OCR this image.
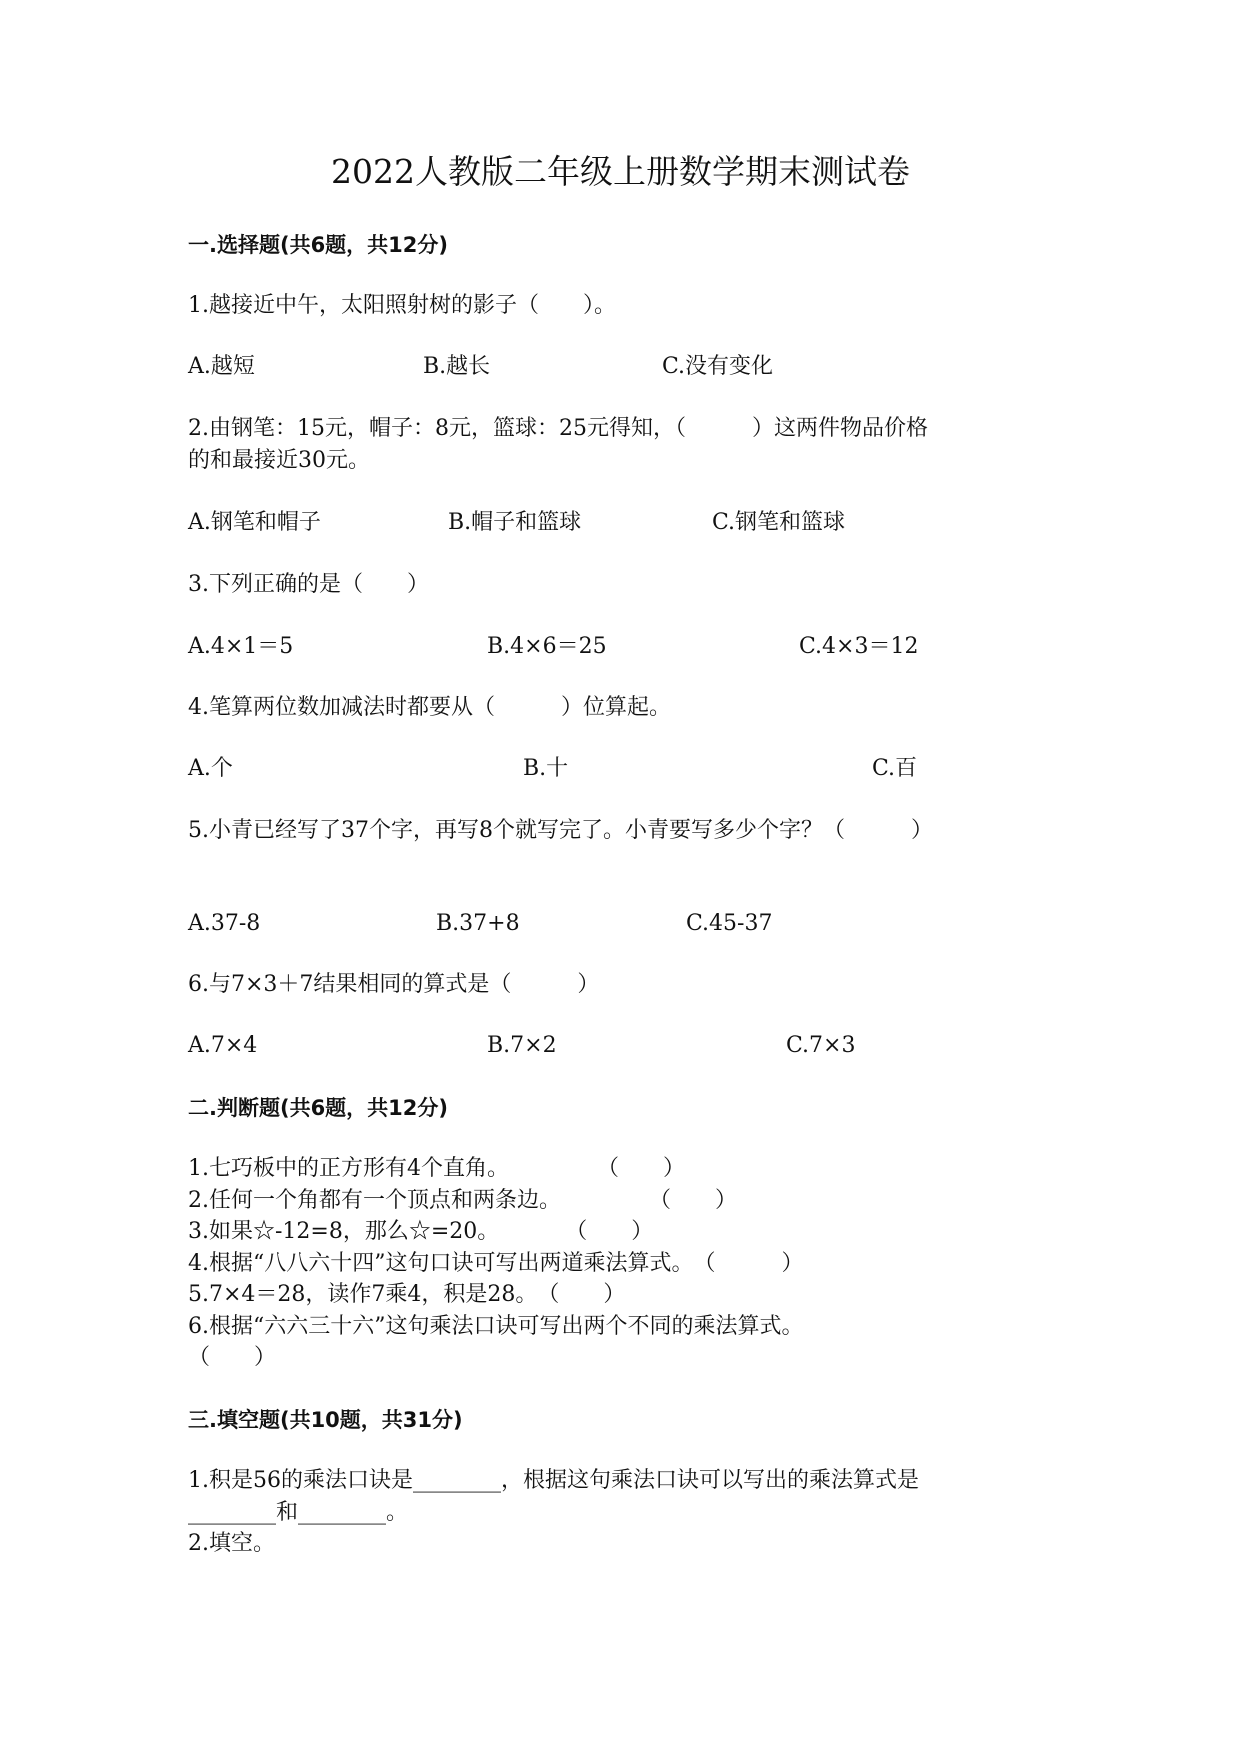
2022人教版二年级上册数学期末测试卷
一.选择题(共6题，共12分)
1.越接近中午，太阳照射树的影子（　　）。
A.越短	B.越长	C.没有变化
2.由钢笔：15元，帽子：8元，篮球：25元得知，（　　　）这两件物品价格
的和最接近30元。
A.钢笔和帽子	B.帽子和篮球	C.钢笔和篮球
3.下列正确的是（　　）
A.4×1＝5	B.4×6＝25	C.4×3＝12
4.笔算两位数加减法时都要从（　　　）位算起。
A.个	B.十	C.百
5.小青已经写了37个字，再写8个就写完了。小青要写多少个字？（　　　）
A.37-8	B.37+8	C.45-37
6.与7×3＋7结果相同的算式是（　　　）
A.7×4	B.7×2	C.7×3
二.判断题(共6题，共12分)
1.七巧板中的正方形有4个直角。　　　　　（　　）
2.任何一个角都有一个顶点和两条边。　　　　　（　　）
3.如果☆-12=8，那么☆=20。　　　　（　　）
4.根据“八八六十四”这句口诀可写出两道乘法算式。　（　　　）
5.7×4＝28，读作7乘4，积是28。　（　　）
6.根据“六六三十六”这句乘法口诀可写出两个不同的乘法算式。
（　　）
三.填空题(共10题，共31分)
1.积是56的乘法口诀是________，根据这句乘法口诀可以写出的乘法算式是
________和________。
2.填空。
